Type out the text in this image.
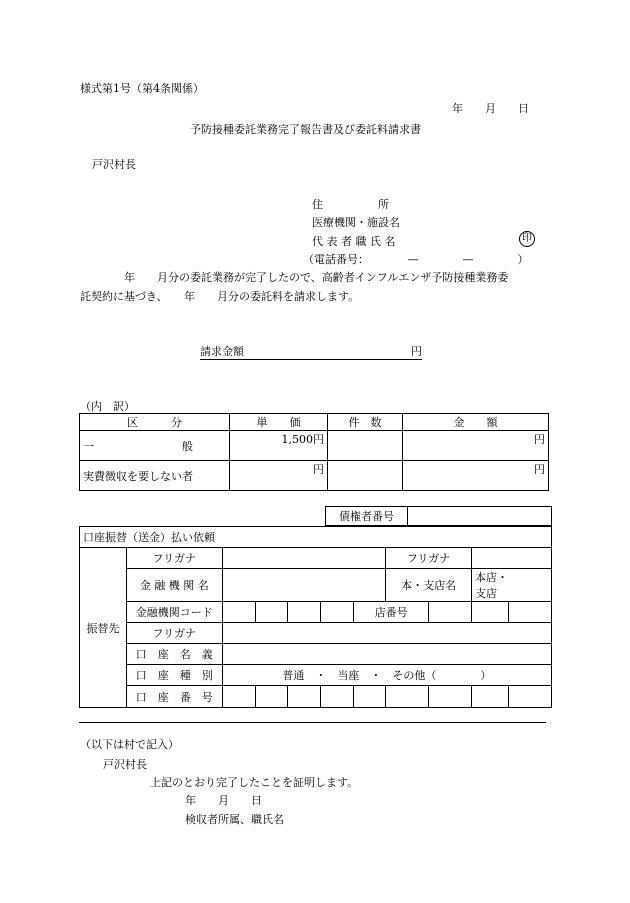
様式第1号（第4条関係）
年　　月　　日
予防接種委託業務完了報告書及び委託料請求書
戸沢村長
住　　　　　所
医療機関・施設名
代 表 者 職 氏 名	印
（電話番号：　　　　—　　　　—　　　　）
　　　　年　　月分の委託業務が完了したので、高齢者インフルエンザ予防接種業務委
託契約に基づき、　　年　　月分の委託料を請求します。
請求金額	円
（内　訳）
区　　　分	単　　価	件　数	金　　額
一　　　　　　　　般	1,500円		円
実費徴収を要しない者	円		円
債権者番号	
口座振替（送金）払い依頼										
振替先	フリガナ						フリガナ			
	金 融 機 関 名						本・支店名		本店・　　　支店	
	金融機関コード					店番号				
	フリガナ									
	口　座　名　義									
	口　座　種　別	普通　・　当座　・　その他（　　　　）								
	口　座　番　号									
（以下は村で記入）
戸沢村長
上記のとおり完了したことを証明します。
年　　月　　日
検収者所属、職氏名
